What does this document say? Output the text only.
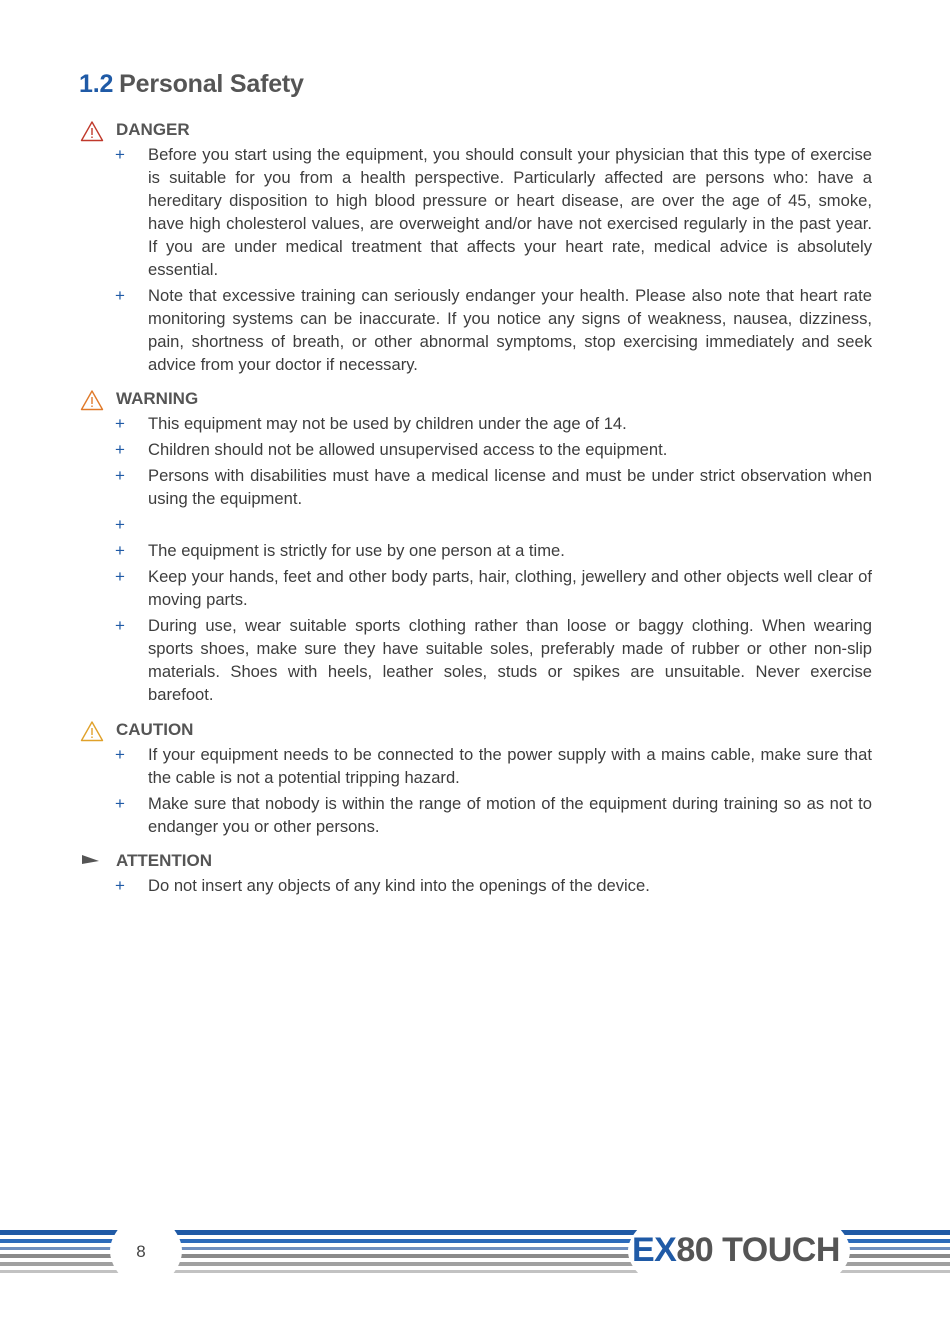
1.2 Personal Safety
DANGER
+ Before you start using the equipment, you should consult your physician that this type of exercise is suitable for you from a health perspective. Particularly affected are persons who: have a hereditary disposition to high blood pressure or heart disease, are over the age of 45, smoke, have high cholesterol values, are overweight and/or have not exercised regularly in the past year. If you are under medical treatment that affects your heart rate, medical advice is absolutely essential.
+ Note that excessive training can seriously endanger your health. Please also note that heart rate monitoring systems can be inaccurate. If you notice any signs of weakness, nausea, dizziness, pain, shortness of breath, or other abnormal symptoms, stop exercising immediately and seek advice from your doctor if necessary.
WARNING
+ This equipment may not be used by children under the age of 14.
+ Children should not be allowed unsupervised access to the equipment.
+ Persons with disabilities must have a medical license and must be under strict observation when using the equipment.
+
+ The equipment is strictly for use by one person at a time.
+ Keep your hands, feet and other body parts, hair, clothing, jewellery and other objects well clear of moving parts.
+ During use, wear suitable sports clothing rather than loose or baggy clothing. When wearing sports shoes, make sure they have suitable soles, preferably made of rubber or other non-slip materials. Shoes with heels, leather soles, studs or spikes are unsuitable. Never exercise barefoot.
CAUTION
+ If your equipment needs to be connected to the power supply with a mains cable, make sure that the cable is not a potential tripping hazard.
+ Make sure that nobody is within the range of motion of the equipment during training so as not to endanger you or other persons.
ATTENTION
+ Do not insert any objects of any kind into the openings of the device.
8	EX80 TOUCH
